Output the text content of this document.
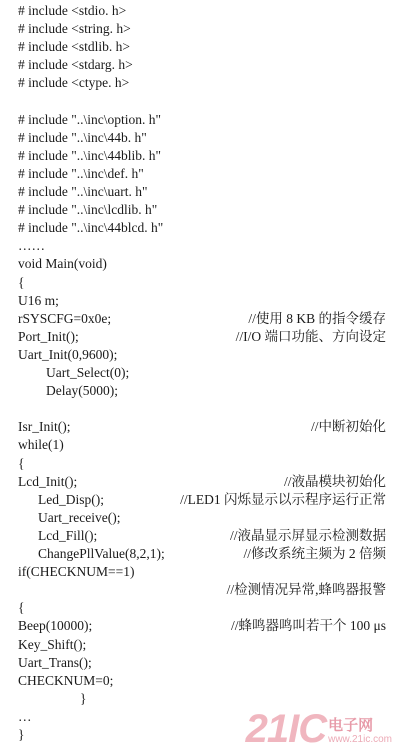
# include <stdio. h>
# include <string. h>
# include <stdlib. h>
# include <stdarg. h>
# include <ctype. h>
# include "..\inc\option. h"
# include "..\inc\44b. h"
# include "..\inc\44blib. h"
# include "..\inc\def. h"
# include "..\inc\uart. h"
# include "..\inc\lcdlib. h"
# include "..\inc\44blcd. h"
……
void Main(void)
{
U16 m;
rSYSCFG=0x0e;	//使用 8 KB 的指令缓存
Port_Init();	//I/O 端口功能、方向设定
Uart_Init(0,9600);
Uart_Select(0);
Delay(5000);
Isr_Init();	//中断初始化
while(1)
{
Lcd_Init();	//液晶模块初始化
Led_Disp();	//LED1 闪烁显示以示程序运行正常
Uart_receive();
Lcd_Fill();	//液晶显示屏显示检测数据
ChangePllValue(8,2,1);	//修改系统主频为 2 倍频
if(CHECKNUM==1)
//检测情况异常,蜂鸣器报警
{
Beep(10000);	//蜂鸣器鸣叫若干个 100 μs
Key_Shift();
Uart_Trans();
CHECKNUM=0;
}
…
}	21IC 电子网
www.21ic.com
